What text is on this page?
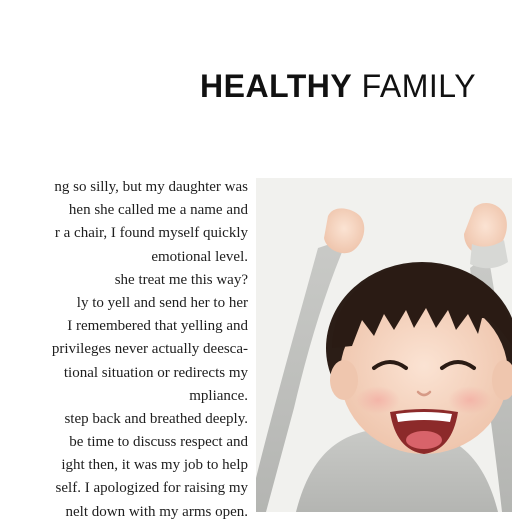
HEALTHY FAMILY
ng so silly, but my daughter was
hen she called me a name and
r a chair, I found myself quickly
emotional level.
she treat me this way?
ly to yell and send her to her
I remembered that yelling and
privileges never actually deesca-
tional situation or redirects my
mpliance.
step back and breathed deeply.
be time to discuss respect and
ight then, it was my job to help
self. I apologized for raising my
nelt down with my arms open.
